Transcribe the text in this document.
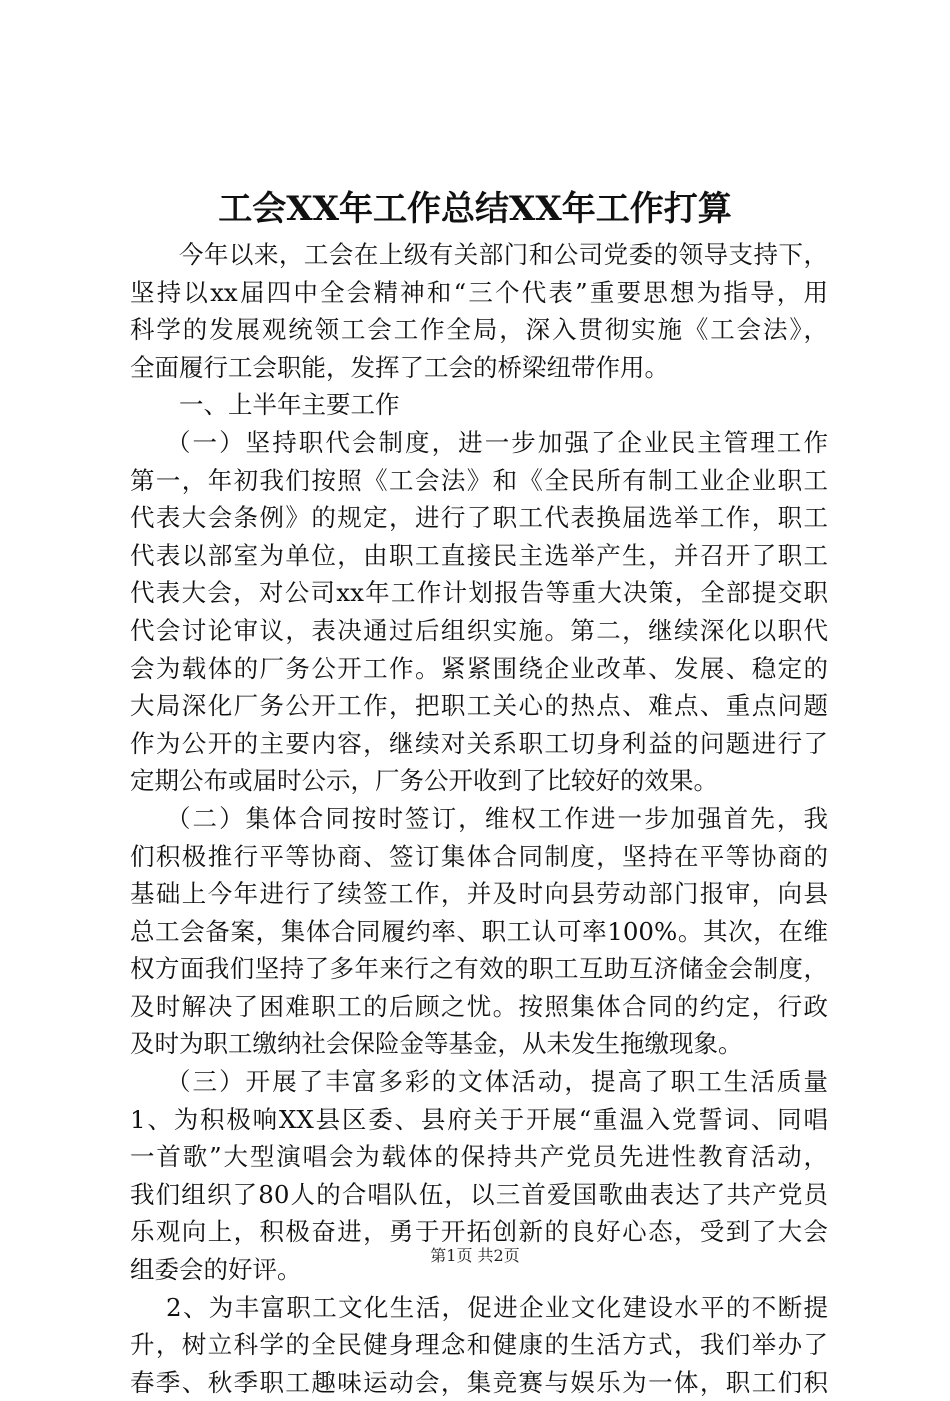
工会XX年工作总结XX年工作打算
今年以来，工会在上级有关部门和公司党委的领导支持下，
坚持以xx届四中全会精神和“三个代表”重要思想为指导，用
科学的发展观统领工会工作全局，深入贯彻实施《工会法》，
全面履行工会职能，发挥了工会的桥梁纽带作用。
一、上半年主要工作
（一）坚持职代会制度，进一步加强了企业民主管理工作
第一，年初我们按照《工会法》和《全民所有制工业企业职工
代表大会条例》的规定，进行了职工代表换届选举工作，职工
代表以部室为单位，由职工直接民主选举产生，并召开了职工
代表大会，对公司xx年工作计划报告等重大决策，全部提交职
代会讨论审议，表决通过后组织实施。第二，继续深化以职代
会为载体的厂务公开工作。紧紧围绕企业改革、发展、稳定的
大局深化厂务公开工作，把职工关心的热点、难点、重点问题
作为公开的主要内容，继续对关系职工切身利益的问题进行了
定期公布或届时公示，厂务公开收到了比较好的效果。
（二）集体合同按时签订，维权工作进一步加强首先，我
们积极推行平等协商、签订集体合同制度，坚持在平等协商的
基础上今年进行了续签工作，并及时向县劳动部门报审，向县
总工会备案，集体合同履约率、职工认可率100%。其次，在维
权方面我们坚持了多年来行之有效的职工互助互济储金会制度，
及时解决了困难职工的后顾之忧。按照集体合同的约定，行政
及时为职工缴纳社会保险金等基金，从未发生拖缴现象。
（三）开展了丰富多彩的文体活动，提高了职工生活质量
1、为积极响XX县区委、县府关于开展“重温入党誓词、同唱
一首歌”大型演唱会为载体的保持共产党员先进性教育活动，
我们组织了80人的合唱队伍，以三首爱国歌曲表达了共产党员
乐观向上，积极奋进，勇于开拓创新的良好心态，受到了大会
组委会的好评。
2、为丰富职工文化生活，促进企业文化建设水平的不断提
升，树立科学的全民健身理念和健康的生活方式，我们举办了
春季、秋季职工趣味运动会，集竞赛与娱乐为一体，职工们积
第1页 共2页
